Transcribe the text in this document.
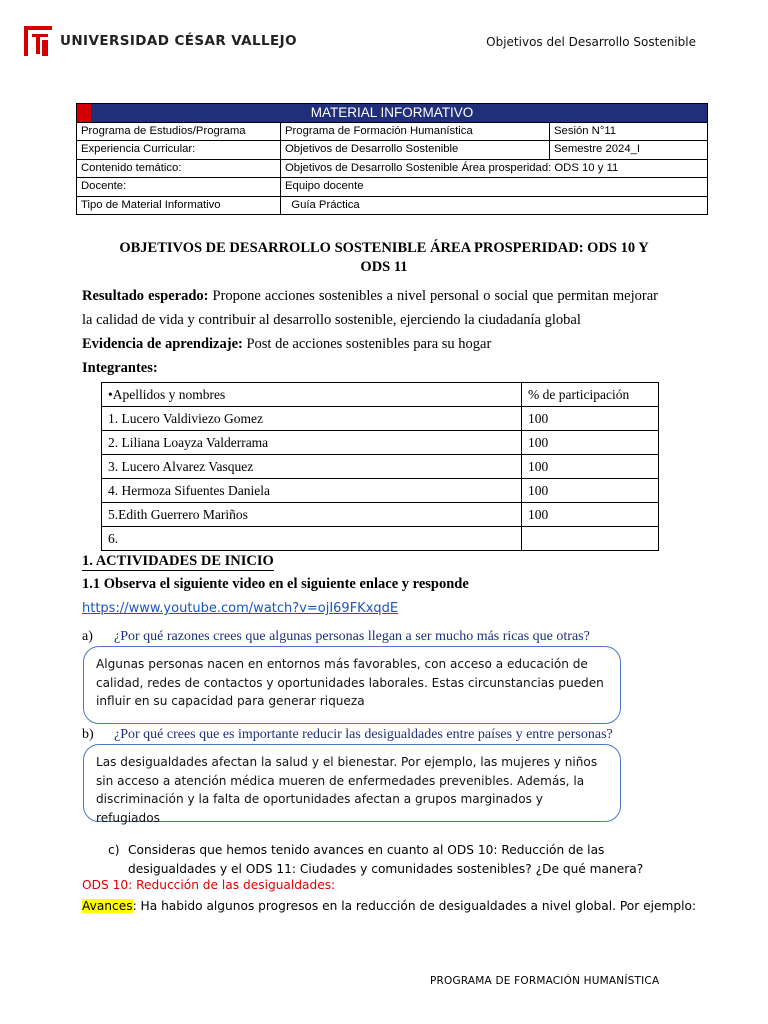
UNIVERSIDAD CÉSAR VALLEJO	Objetivos del Desarrollo Sostenible
MATERIAL INFORMATIVO		
Programa de Estudios/Programa	Programa de Formación Humanística	Sesión N°11
Experiencia Curricular:	Objetivos de Desarrollo Sostenible	Semestre 2024_I
Contenido temático:	Objetivos de Desarrollo Sostenible Área prosperidad: ODS 10 y 11	
Docente:	Equipo docente	
Tipo de Material Informativo	Guía Práctica	
OBJETIVOS DE DESARROLLO SOSTENIBLE ÁREA PROSPERIDAD: ODS 10 Y
ODS 11
Resultado esperado: Propone acciones sostenibles a nivel personal o social que permitan mejorar la calidad de vida y contribuir al desarrollo sostenible, ejerciendo la ciudadanía global
Evidencia de aprendizaje: Post de acciones sostenibles para su hogar
Integrantes:
•Apellidos y nombres	% de participación
1. Lucero Valdiviezo Gomez	100
2. Liliana Loayza Valderrama	100
3. Lucero Alvarez Vasquez	100
4. Hermoza Sifuentes Daniela	100
5.Edith Guerrero Mariños	100
6.	
1. ACTIVIDADES DE INICIO
1.1 Observa el siguiente video en el siguiente enlace y responde
https://www.youtube.com/watch?v=ojI69FKxqdE
a) ¿Por qué razones crees que algunas personas llegan a ser mucho más ricas que otras?
Algunas personas nacen en entornos más favorables, con acceso a educación de calidad, redes de contactos y oportunidades laborales. Estas circunstancias pueden influir en su capacidad para generar riqueza
b) ¿Por qué crees que es importante reducir las desigualdades entre países y entre personas?
Las desigualdades afectan la salud y el bienestar. Por ejemplo, las mujeres y niños sin acceso a atención médica mueren de enfermedades prevenibles. Además, la discriminación y la falta de oportunidades afectan a grupos marginados y refugiados
c) Consideras que hemos tenido avances en cuanto al ODS 10: Reducción de las desigualdades y el ODS 11: Ciudades y comunidades sostenibles? ¿De qué manera?
ODS 10: Reducción de las desigualdades:
Avances: Ha habido algunos progresos en la reducción de desigualdades a nivel global. Por ejemplo:
PROGRAMA DE FORMACIÓN HUMANÍSTICA
